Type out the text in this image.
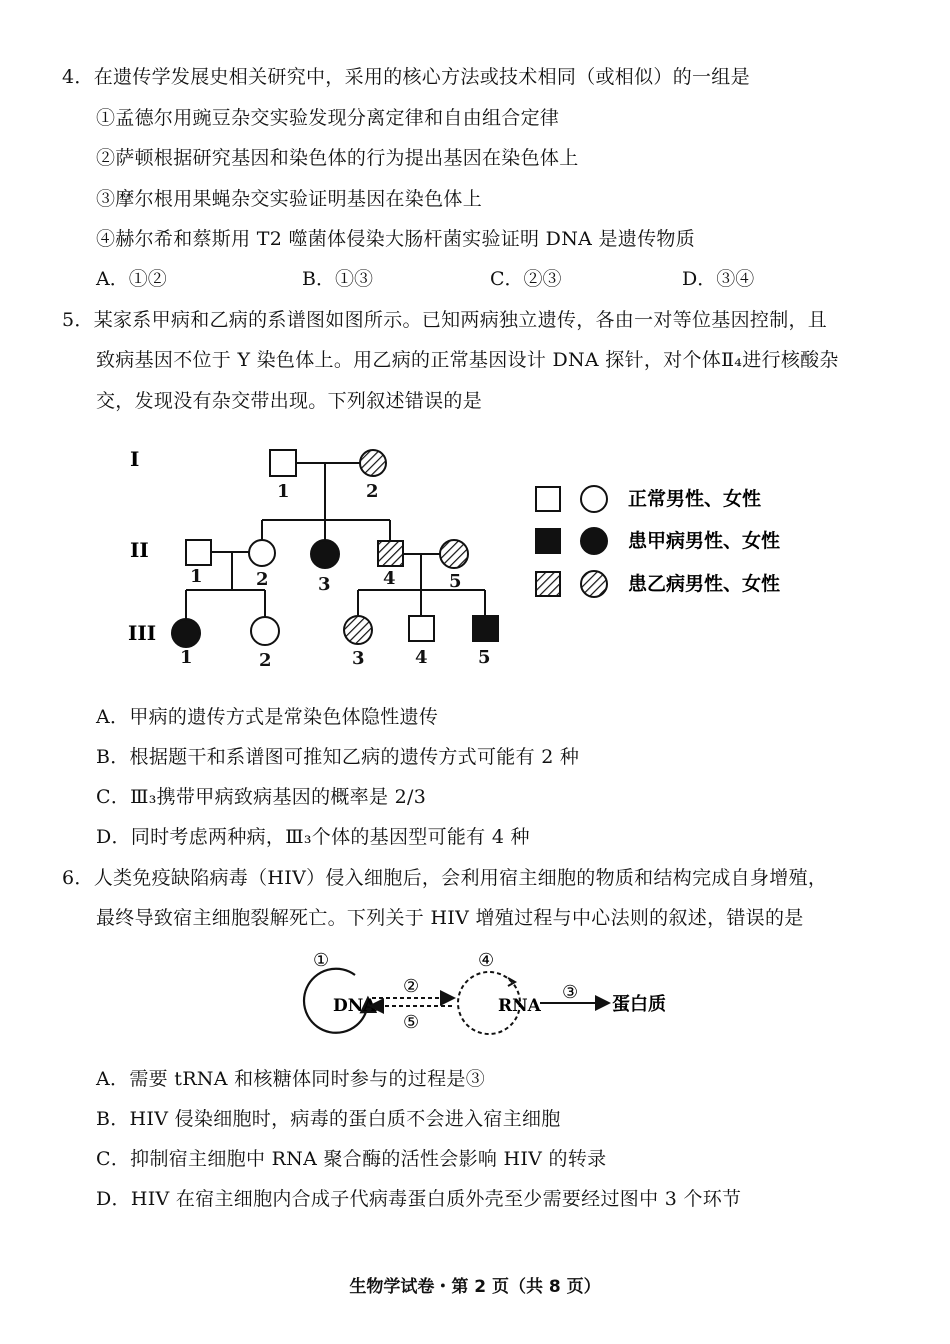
4．在遗传学发展史相关研究中，采用的核心方法或技术相同（或相似）的一组是
①孟德尔用豌豆杂交实验发现分离定律和自由组合定律
②萨顿根据研究基因和染色体的行为提出基因在染色体上
③摩尔根用果蝇杂交实验证明基因在染色体上
④赫尔希和蔡斯用 T2 噬菌体侵染大肠杆菌实验证明 DNA 是遗传物质
A．①②	B．①③	C．②③	D．③④
5．某家系甲病和乙病的系谱图如图所示。已知两病独立遗传，各由一对等位基因控制，且
致病基因不位于 Y 染色体上。用乙病的正常基因设计 DNA 探针，对个体Ⅱ₄进行核酸杂
交，发现没有杂交带出现。下列叙述错误的是
I
II
III
1	2
1	2	3	4	5
1	2	3	4	5
正常男性、女性
患甲病男性、女性
患乙病男性、女性
A．甲病的遗传方式是常染色体隐性遗传
B．根据题干和系谱图可推知乙病的遗传方式可能有 2 种
C．Ⅲ₃携带甲病致病基因的概率是 2/3
D．同时考虑两种病，Ⅲ₃个体的基因型可能有 4 种
6．人类免疫缺陷病毒（HIV）侵入细胞后，会利用宿主细胞的物质和结构完成自身增殖，
最终导致宿主细胞裂解死亡。下列关于 HIV 增殖过程与中心法则的叙述，错误的是
①
DNA
②
⑤
④
RNA
③
蛋白质
A．需要 tRNA 和核糖体同时参与的过程是③
B．HIV 侵染细胞时，病毒的蛋白质不会进入宿主细胞
C．抑制宿主细胞中 RNA 聚合酶的活性会影响 HIV 的转录
D．HIV 在宿主细胞内合成子代病毒蛋白质外壳至少需要经过图中 3 个环节
生物学试卷・第 2 页（共 8 页）
